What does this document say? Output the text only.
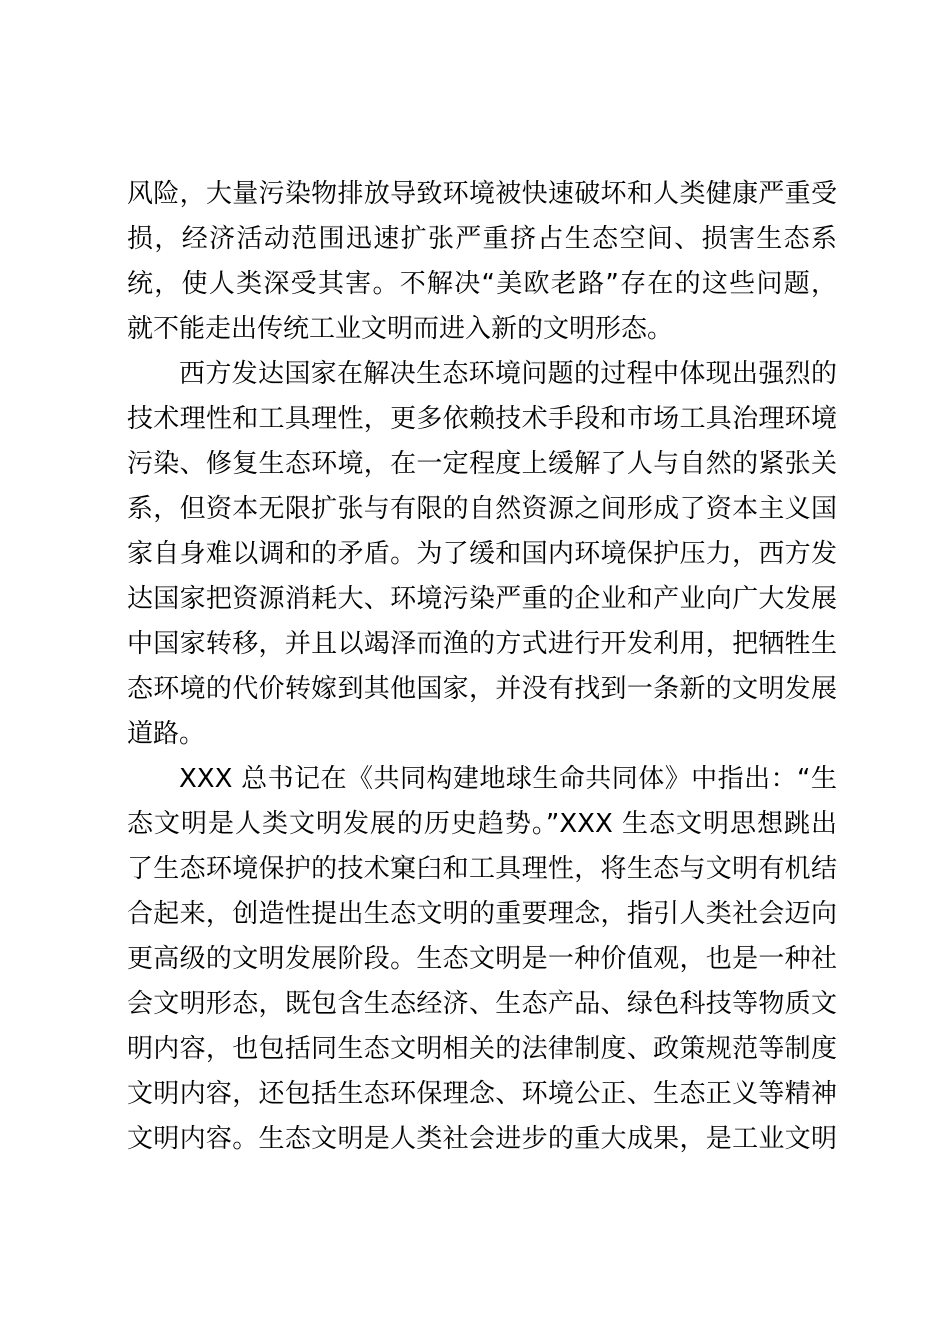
风险，大量污染物排放导致环境被快速破坏和人类健康严重受
损，经济活动范围迅速扩张严重挤占生态空间、损害生态系
统，使人类深受其害。不解决“美欧老路”存在的这些问题，
就不能走出传统工业文明而进入新的文明形态。
西方发达国家在解决生态环境问题的过程中体现出强烈的
技术理性和工具理性，更多依赖技术手段和市场工具治理环境
污染、修复生态环境，在一定程度上缓解了人与自然的紧张关
系，但资本无限扩张与有限的自然资源之间形成了资本主义国
家自身难以调和的矛盾。为了缓和国内环境保护压力，西方发
达国家把资源消耗大、环境污染严重的企业和产业向广大发展
中国家转移，并且以竭泽而渔的方式进行开发利用，把牺牲生
态环境的代价转嫁到其他国家，并没有找到一条新的文明发展
道路。
XXX 总书记在《共同构建地球生命共同体》中指出：“生
态文明是人类文明发展的历史趋势。”XXX 生态文明思想跳出
了生态环境保护的技术窠臼和工具理性，将生态与文明有机结
合起来，创造性提出生态文明的重要理念，指引人类社会迈向
更高级的文明发展阶段。生态文明是一种价值观，也是一种社
会文明形态，既包含生态经济、生态产品、绿色科技等物质文
明内容，也包括同生态文明相关的法律制度、政策规范等制度
文明内容，还包括生态环保理念、环境公正、生态正义等精神
文明内容。生态文明是人类社会进步的重大成果，是工业文明
